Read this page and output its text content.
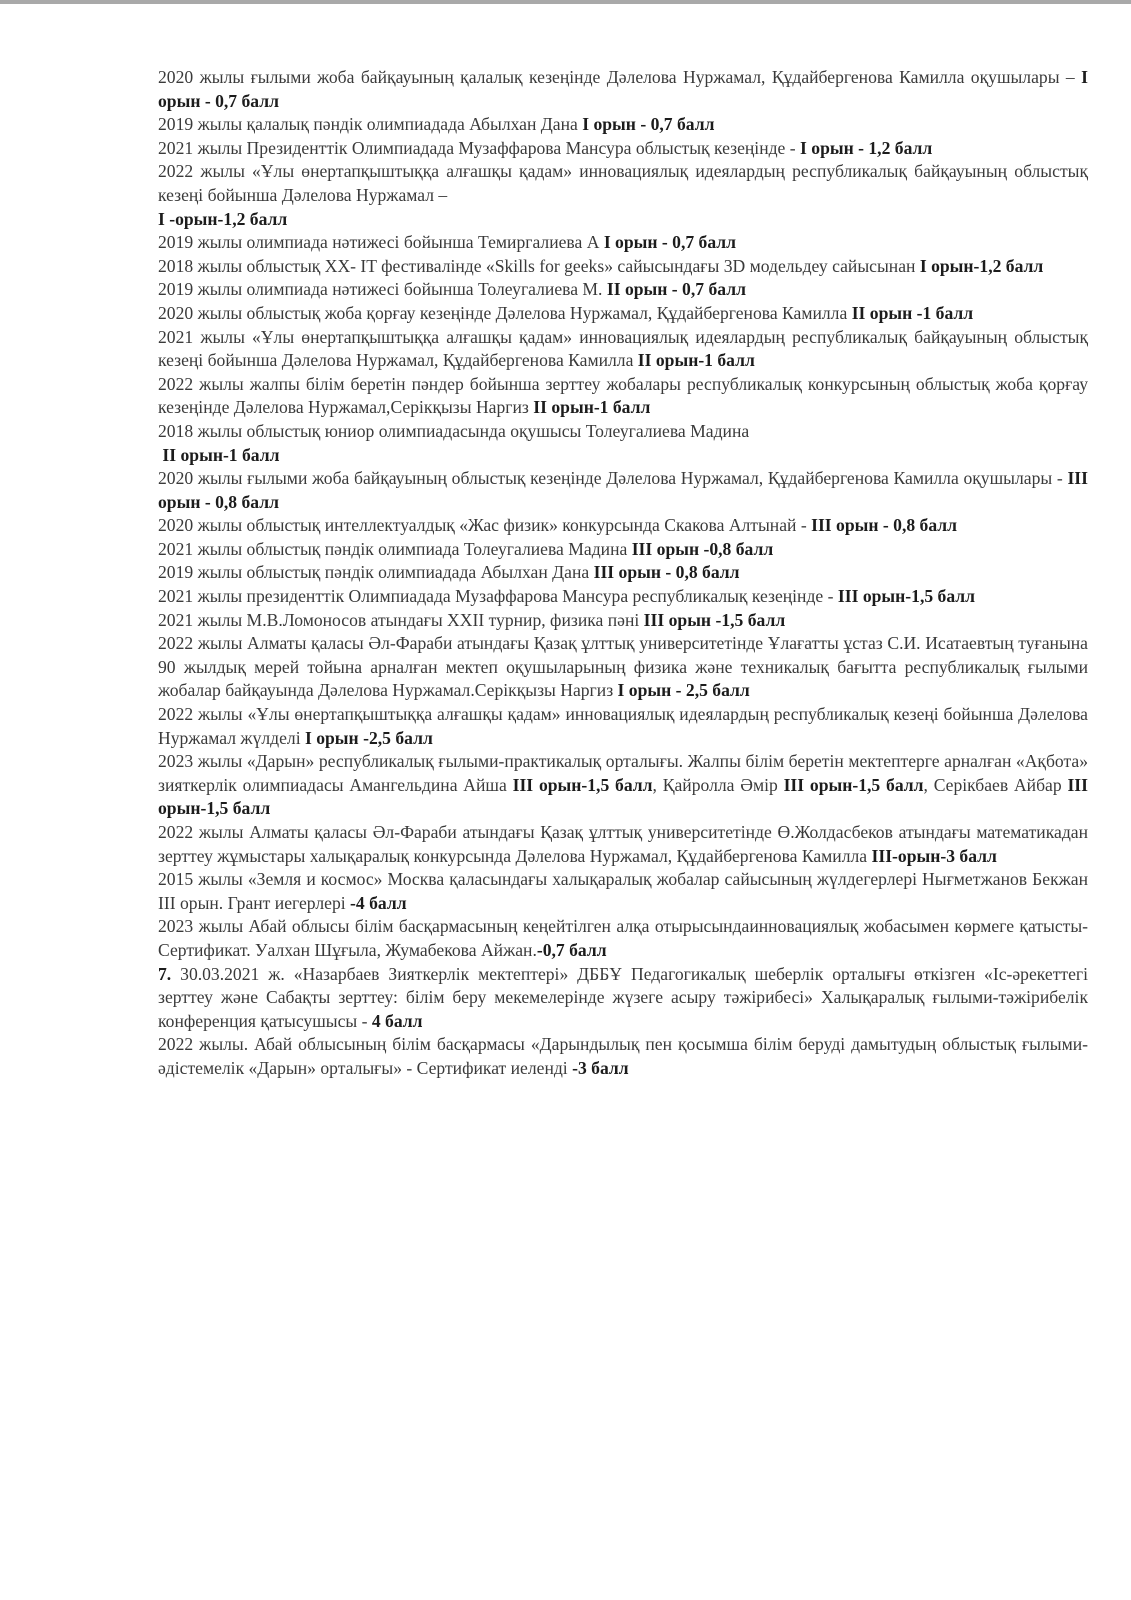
2020 жылы ғылыми жоба байқауының қалалық кезеңінде Дәлелова Нуржамал, Құдайбергенова Камилла оқушылары – І орын - 0,7 балл

2019 жылы қалалық пәндік олимпиадада Абылхан Дана І орын - 0,7 балл

2021 жылы Президенттік Олимпиадада Музаффарова Мансура облыстық кезеңінде - І орын - 1,2 балл

2022 жылы «Ұлы өнертапқыштыққа алғашқы қадам» инновациялық идеялардың республикалық байқауының облыстық кезеңі бойынша Дәлелова Нуржамал –
І -орын-1,2 балл

2019 жылы олимпиада нәтижесі бойынша Темиргалиева А І орын - 0,7 балл

2018 жылы облыстық XX- IT фестивалінде «Skills for geeks» сайысындағы 3D модельдеу сайысынан І орын-1,2 балл

2019 жылы олимпиада нәтижесі бойынша Толеугалиева М. ІІ орын - 0,7 балл

2020 жылы облыстық жоба қорғау кезеңінде Дәлелова Нуржамал, Құдайбергенова Камилла ІІ орын -1 балл

2021 жылы «Ұлы өнертапқыштыққа алғашқы қадам» инновациялық идеялардың республикалық байқауының облыстық кезеңі бойынша Дәлелова Нуржамал, Құдайбергенова Камилла ІІ орын-1 балл

2022 жылы жалпы білім беретін пәндер бойынша зерттеу жобалары республикалық конкурсының облыстық жоба қорғау кезеңінде Дәлелова Нуржамал,Серікқызы Наргиз ІІ орын-1 балл

2018 жылы облыстық юниор олимпиадасында оқушысы Толеугалиева Мадина
ІІ орын-1 балл

2020 жылы ғылыми жоба байқауының облыстық кезеңінде Дәлелова Нуржамал, Құдайбергенова Камилла оқушылары - ІІІ орын - 0,8 балл

2020 жылы облыстық интеллектуалдық «Жас физик» конкурсында Скакова Алтынай - ІІІ орын - 0,8 балл

2021 жылы облыстық пәндік олимпиада Толеугалиева Мадина ІІІ орын -0,8 балл

2019 жылы облыстық пәндік олимпиадада Абылхан Дана ІІІ орын - 0,8 балл

2021 жылы президенттік Олимпиадада Музаффарова Мансура республикалық кезеңінде - ІІІ орын-1,5 балл

2021 жылы М.В.Ломоносов атындағы XXII турнир, физика пәні ІІІ орын -1,5 балл

2022 жылы Алматы қаласы Әл-Фараби атындағы Қазақ ұлттық университетінде Ұлағатты ұстаз С.И. Исатаевтың туғанына 90 жылдық мерей тойына арналған мектеп оқушыларының физика және техникалық бағытта республикалық ғылыми жобалар байқауында Дәлелова Нуржамал.Серікқызы Наргиз І орын - 2,5 балл

2022 жылы «Ұлы өнертапқыштыққа алғашқы қадам» инновациялық идеялардың республикалық кезеңі бойынша Дәлелова Нуржамал жүлделі І орын -2,5 балл

2023 жылы «Дарын» республикалық ғылыми-практикалық орталығы. Жалпы білім беретін мектептерге арналған «Ақбота» зияткерлік олимпиадасы Амангельдина Айша ІІІ орын-1,5 балл, Қайролла Әмір ІІІ орын-1,5 балл, Серікбаев Айбар ІІІ орын-1,5 балл

2022 жылы Алматы қаласы Әл-Фараби атындағы Қазақ ұлттық университетінде Ө.Жолдасбеков атындағы математикадан зерттеу жұмыстары халықаралық конкурсында Дәлелова Нуржамал, Құдайбергенова Камилла ІІІ-орын-3 балл

2015 жылы «Земля и космос» Москва қаласындағы халықаралық жобалар сайысының жүлдегерлері Нығметжанов Бекжан ІІІ орын. Грант иегерлері -4 балл

2023 жылы Абай облысы білім басқармасының кеңейтілген алқа отырысындаинновациялық жобасымен көрмеге қатысты- Сертификат. Уалхан Шұғыла, Жумабекова Айжан.-0,7 балл

7. 30.03.2021 ж. «Назарбаев Зияткерлік мектептері» ДББҰ Педагогикалық шеберлік орталығы өткізген «Іс-әрекеттегі зерттеу және Сабақты зерттеу: білім беру мекемелерінде жүзеге асыру тәжірибесі» Халықаралық ғылыми-тәжірибелік конференция қатысушысы - 4 балл

2022 жылы. Абай облысының білім басқармасы «Дарындылық пен қосымша білім беруді дамытудың облыстық ғылыми-әдістемелік «Дарын» орталығы» - Сертификат иеленді -3 балл
